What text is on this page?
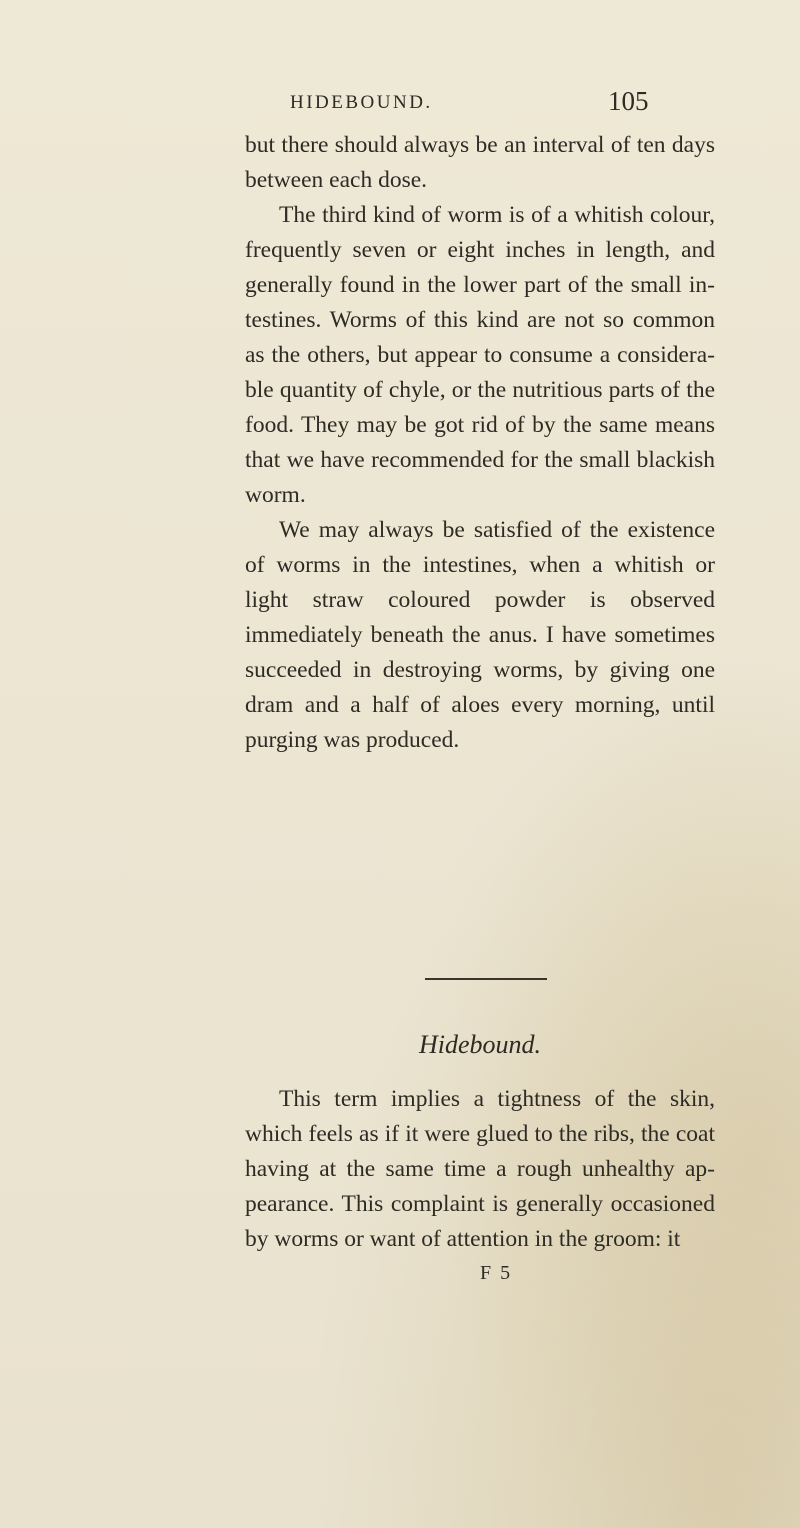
HIDEBOUND.	105

but there should always be an interval of ten days between each dose.

The third kind of worm is of a whitish colour, frequently seven or eight inches in length, and generally found in the lower part of the small in-testines. Worms of this kind are not so common as the others, but appear to consume a considera-ble quantity of chyle, or the nutritious parts of the food. They may be got rid of by the same means that we have recommended for the small blackish worm.

We may always be satisfied of the existence of worms in the intestines, when a whitish or light straw coloured powder is observed immediately beneath the anus. I have sometimes succeeded in destroying worms, by giving one dram and a half of aloes every morning, until purging was produced.

Hidebound.

This term implies a tightness of the skin, which feels as if it were glued to the ribs, the coat having at the same time a rough unhealthy ap-pearance. This complaint is generally occasioned by worms or want of attention in the groom: it

F 5
